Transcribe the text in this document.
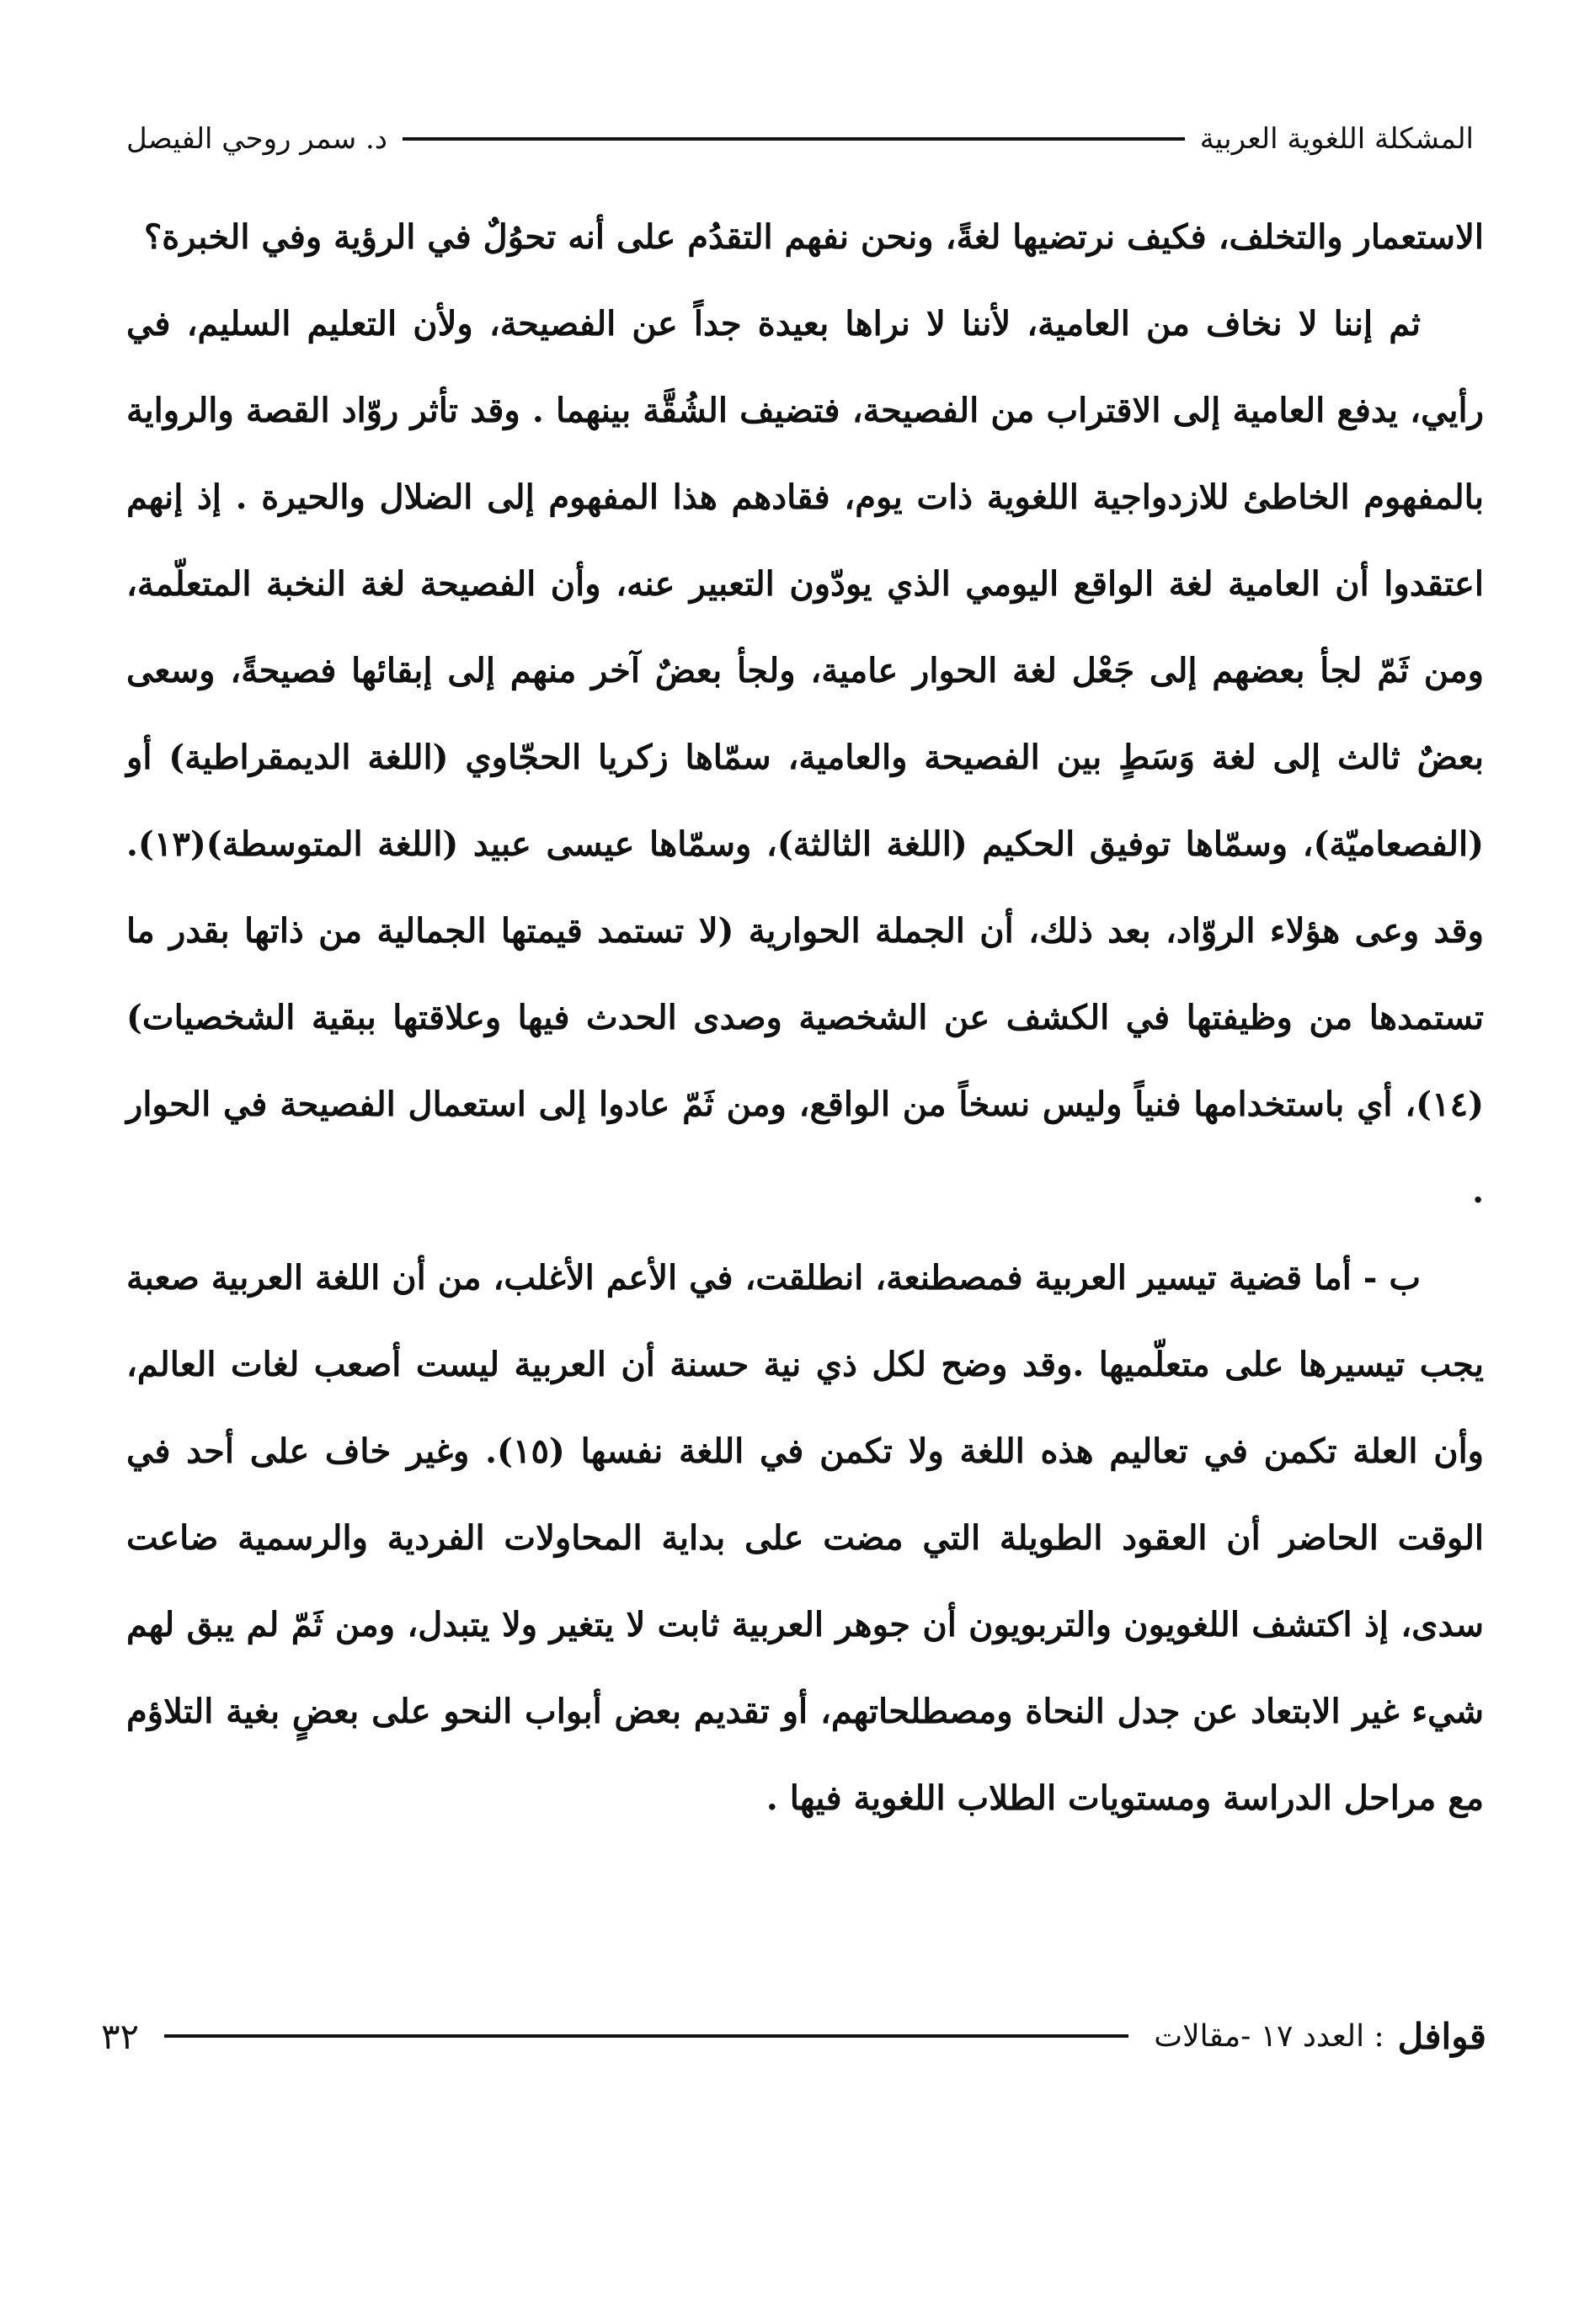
المشكلة اللغوية العربية
د. سمر روحي الفيصل

الاستعمار والتخلف، فكيف نرتضيها لغةً، ونحن نفهم التقدُم على أنه تحوُلٌ في الرؤية وفي الخبرة؟

ثم إننا لا نخاف من العامية، لأننا لا نراها بعيدة جداً عن الفصيحة، ولأن التعليم السليم، في رأيي، يدفع العامية إلى الاقتراب من الفصيحة، فتضيف الشُقَّة بينهما . وقد تأثر روّاد القصة والرواية بالمفهوم الخاطئ للازدواجية اللغوية ذات يوم، فقادهم هذا المفهوم إلى الضلال والحيرة . إذ إنهم اعتقدوا أن العامية لغة الواقع اليومي الذي يودّون التعبير عنه، وأن الفصيحة لغة النخبة المتعلّمة، ومن ثَمّ لجأ بعضهم إلى جَعْل لغة الحوار عامية، ولجأ بعضٌ آخر منهم إلى إبقائها فصيحةً، وسعى بعضٌ ثالث إلى لغة وَسَطٍ بين الفصيحة والعامية، سمّاها زكريا الحجّاوي (اللغة الديمقراطية) أو (الفصعاميّة)، وسمّاها توفيق الحكيم (اللغة الثالثة)، وسمّاها عيسى عبيد (اللغة المتوسطة)(١٣). وقد وعى هؤلاء الروّاد، بعد ذلك، أن الجملة الحوارية (لا تستمد قيمتها الجمالية من ذاتها بقدر ما تستمدها من وظيفتها في الكشف عن الشخصية وصدى الحدث فيها وعلاقتها ببقية الشخصيات)(١٤)، أي باستخدامها فنياً وليس نسخاً من الواقع، ومن ثَمّ عادوا إلى استعمال الفصيحة في الحوار .

ب - أما قضية تيسير العربية فمصطنعة، انطلقت، في الأعم الأغلب، من أن اللغة العربية صعبة يجب تيسيرها على متعلّميها .وقد وضح لكل ذي نية حسنة أن العربية ليست أصعب لغات العالم، وأن العلة تكمن في تعاليم هذه اللغة ولا تكمن في اللغة نفسها (١٥). وغير خاف على أحد في الوقت الحاضر أن العقود الطويلة التي مضت على بداية المحاولات الفردية والرسمية ضاعت سدى، إذ اكتشف اللغويون والتربويون أن جوهر العربية ثابت لا يتغير ولا يتبدل، ومن ثَمّ لم يبق لهم شيء غير الابتعاد عن جدل النحاة ومصطلحاتهم، أو تقديم بعض أبواب النحو على بعضٍ بغية التلاؤم مع مراحل الدراسة ومستويات الطلاب اللغوية فيها .

قوافل
: العدد ١٧ -مقالات
٣٢
